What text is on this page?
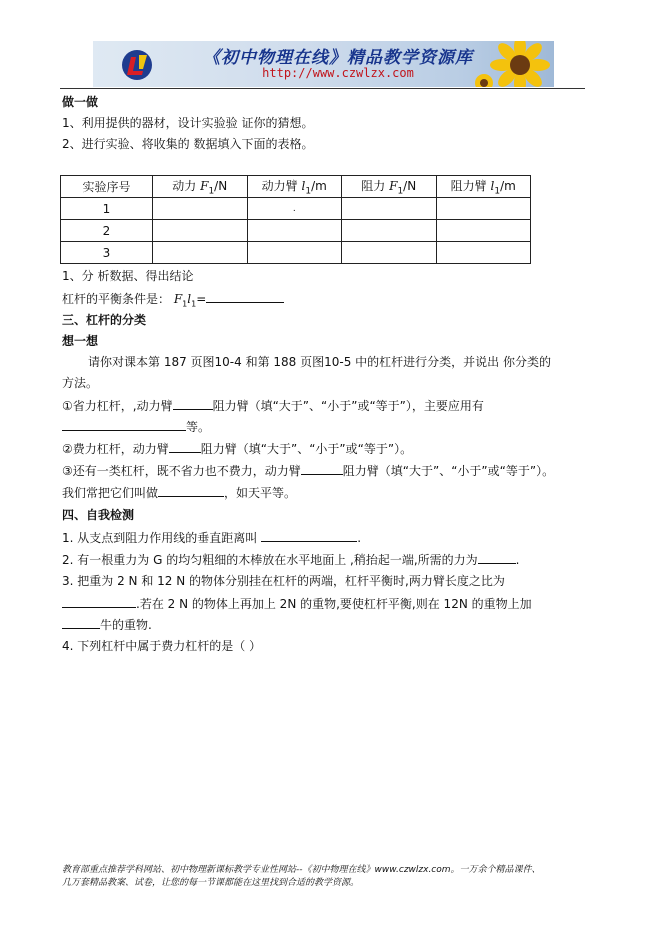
《初中物理在线》精品教学资源库
http://www.czwlzx.com
做一做
1、利用提供的器材，设计实验验 证你的猜想。
2、进行实验、将收集的 数据填入下面的表格。
实验序号	动力 $F_1/N$	动力臂 $l_1/m$	阻力 $F_1/N$	阻力臂 $l_1/m$
1		.		
2				
3				
1、分 析数据、得出结论
杠杆的平衡条件是： $F_1l_1=$
三、杠杆的分类
想一想
请你对课本第 187 页图10-4 和第 188 页图10-5 中的杠杆进行分类，并说出 你分类的
方法。
①省力杠杆，,动力臂	阻力臂（填“大于”、“小于”或“等于”），主要应用有
等。
②费力杠杆，动力臂	阻力臂（填“大于”、“小于”或“等于”）。
③还有一类杠杆，既不省力也不费力，动力臂	阻力臂（填“大于”、“小于”或“等于”）。
我们常把它们叫做	，如天平等。
四、自我检测
1. 从支点到阻力作用线的垂直距离叫	.
2. 有一根重力为 G 的均匀粗细的木棒放在水平地面上 ,稍抬起一端,所需的力为	.
3. 把重为 2 N 和 12 N 的物体分别挂在杠杆的两端，杠杆平衡时,两力臂长度之比为
.若在 2 N 的物体上再加上 2N 的重物,要使杠杆平衡,则在 12N 的重物上加
牛的重物.
4. 下列杠杆中属于费力杠杆的是（ ）
教育部重点推荐学科网站、初中物理新课标教学专业性网站--《初中物理在线》www.czwlzx.com。一万余个精品课件、
几万套精品教案、试卷，让您的每一节课都能在这里找到合适的教学资源。
